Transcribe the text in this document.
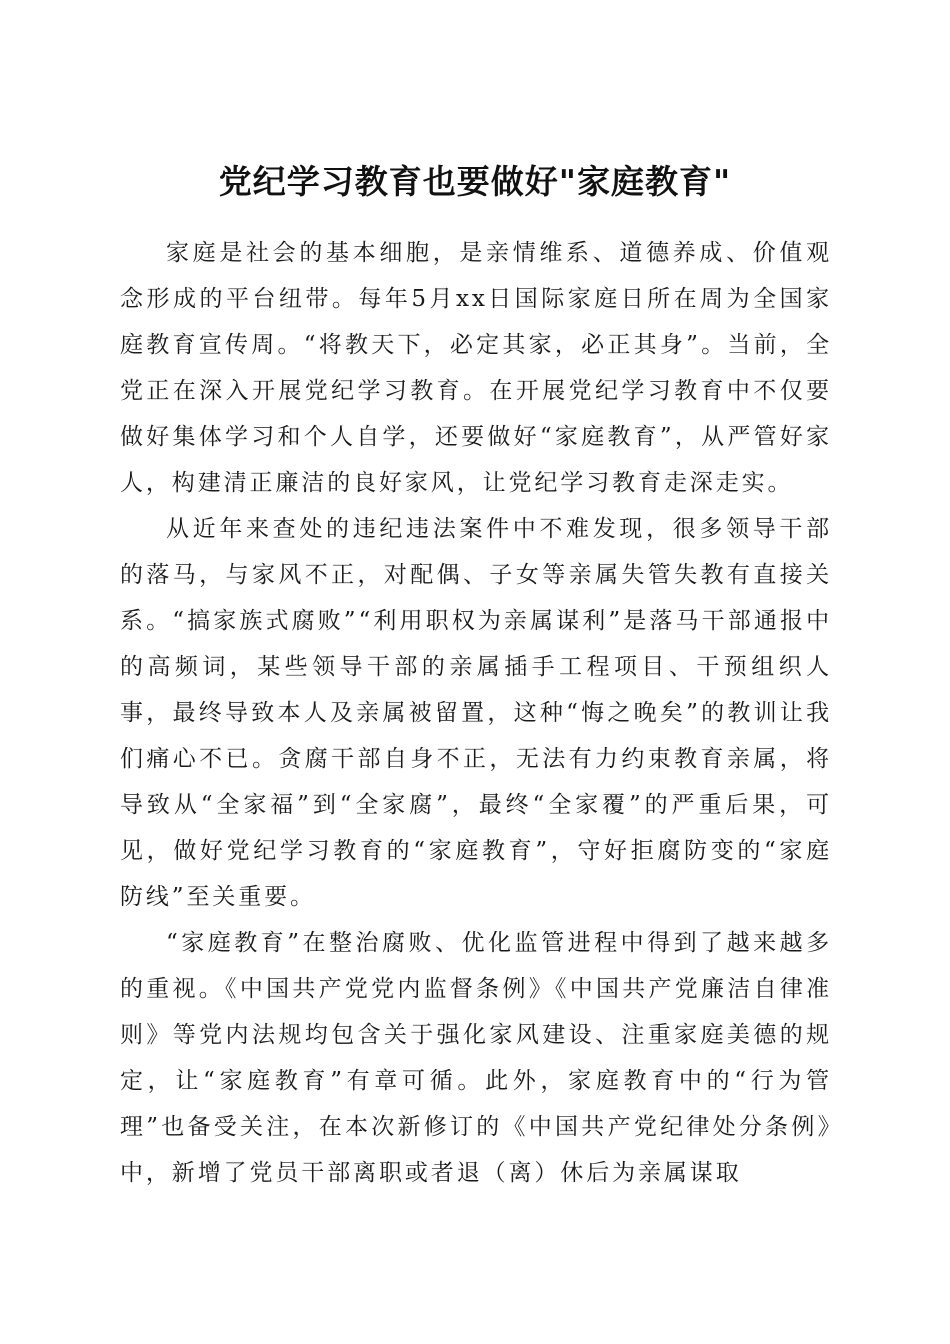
党纪学习教育也要做好"家庭教育"

家庭是社会的基本细胞，是亲情维系、道德养成、价值观念形成的平台纽带。每年5月xx日国际家庭日所在周为全国家庭教育宣传周。“将教天下，必定其家，必正其身”。当前，全党正在深入开展党纪学习教育。在开展党纪学习教育中不仅要做好集体学习和个人自学，还要做好“家庭教育”，从严管好家人，构建清正廉洁的良好家风，让党纪学习教育走深走实。

从近年来查处的违纪违法案件中不难发现，很多领导干部的落马，与家风不正，对配偶、子女等亲属失管失教有直接关系。“搞家族式腐败”“利用职权为亲属谋利”是落马干部通报中的高频词，某些领导干部的亲属插手工程项目、干预组织人事，最终导致本人及亲属被留置，这种“悔之晚矣”的教训让我们痛心不已。贪腐干部自身不正，无法有力约束教育亲属，将导致从“全家福”到“全家腐”，最终“全家覆”的严重后果，可见，做好党纪学习教育的“家庭教育”，守好拒腐防变的“家庭防线”至关重要。

“家庭教育”在整治腐败、优化监管进程中得到了越来越多的重视。《中国共产党党内监督条例》《中国共产党廉洁自律准则》等党内法规均包含关于强化家风建设、注重家庭美德的规定，让“家庭教育”有章可循。此外，家庭教育中的“行为管理”也备受关注，在本次新修订的《中国共产党纪律处分条例》中，新增了党员干部离职或者退（离）休后为亲属谋取
